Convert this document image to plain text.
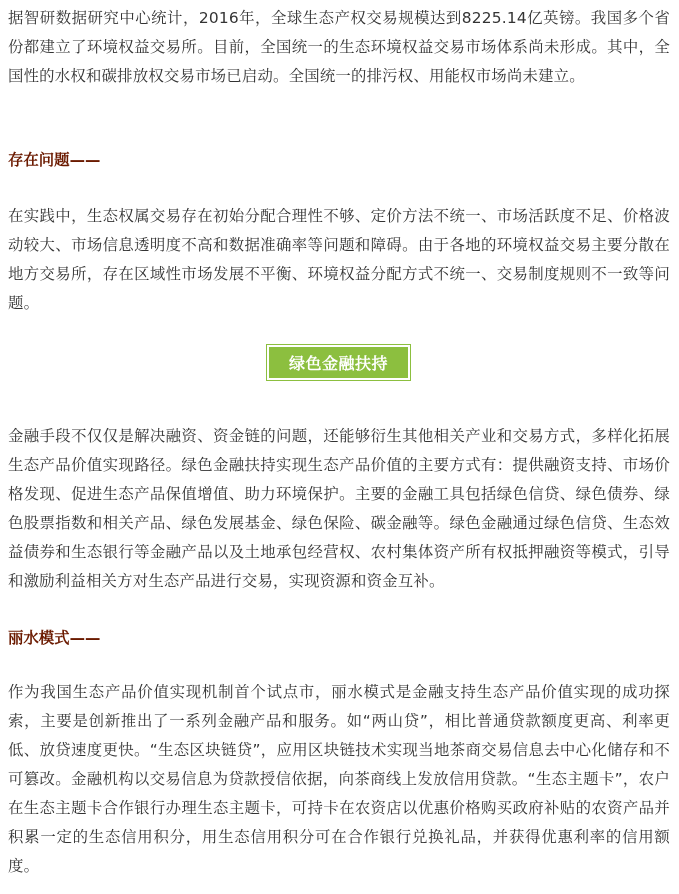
据智研数据研究中心统计，2016年，全球生态产权交易规模达到8225.14亿英镑。我国多个省份都建立了环境权益交易所。目前，全国统一的生态环境权益交易市场体系尚未形成。其中，全国性的水权和碳排放权交易市场已启动。全国统一的排污权、用能权市场尚未建立。

存在问题——

在实践中，生态权属交易存在初始分配合理性不够、定价方法不统一、市场活跃度不足、价格波动较大、市场信息透明度不高和数据准确率等问题和障碍。由于各地的环境权益交易主要分散在地方交易所，存在区域性市场发展不平衡、环境权益分配方式不统一、交易制度规则不一致等问题。

绿色金融扶持

金融手段不仅仅是解决融资、资金链的问题，还能够衍生其他相关产业和交易方式，多样化拓展生态产品价值实现路径。绿色金融扶持实现生态产品价值的主要方式有：提供融资支持、市场价格发现、促进生态产品保值增值、助力环境保护。主要的金融工具包括绿色信贷、绿色债券、绿色股票指数和相关产品、绿色发展基金、绿色保险、碳金融等。绿色金融通过绿色信贷、生态效益债券和生态银行等金融产品以及土地承包经营权、农村集体资产所有权抵押融资等模式，引导和激励利益相关方对生态产品进行交易，实现资源和资金互补。

丽水模式——

作为我国生态产品价值实现机制首个试点市，丽水模式是金融支持生态产品价值实现的成功探索，主要是创新推出了一系列金融产品和服务。如“两山贷”，相比普通贷款额度更高、利率更低、放贷速度更快。“生态区块链贷”，应用区块链技术实现当地茶商交易信息去中心化储存和不可篡改。金融机构以交易信息为贷款授信依据，向茶商线上发放信用贷款。“生态主题卡”，农户在生态主题卡合作银行办理生态主题卡，可持卡在农资店以优惠价格购买政府补贴的农资产品并积累一定的生态信用积分，用生态信用积分可在合作银行兑换礼品，并获得优惠利率的信用额度。
